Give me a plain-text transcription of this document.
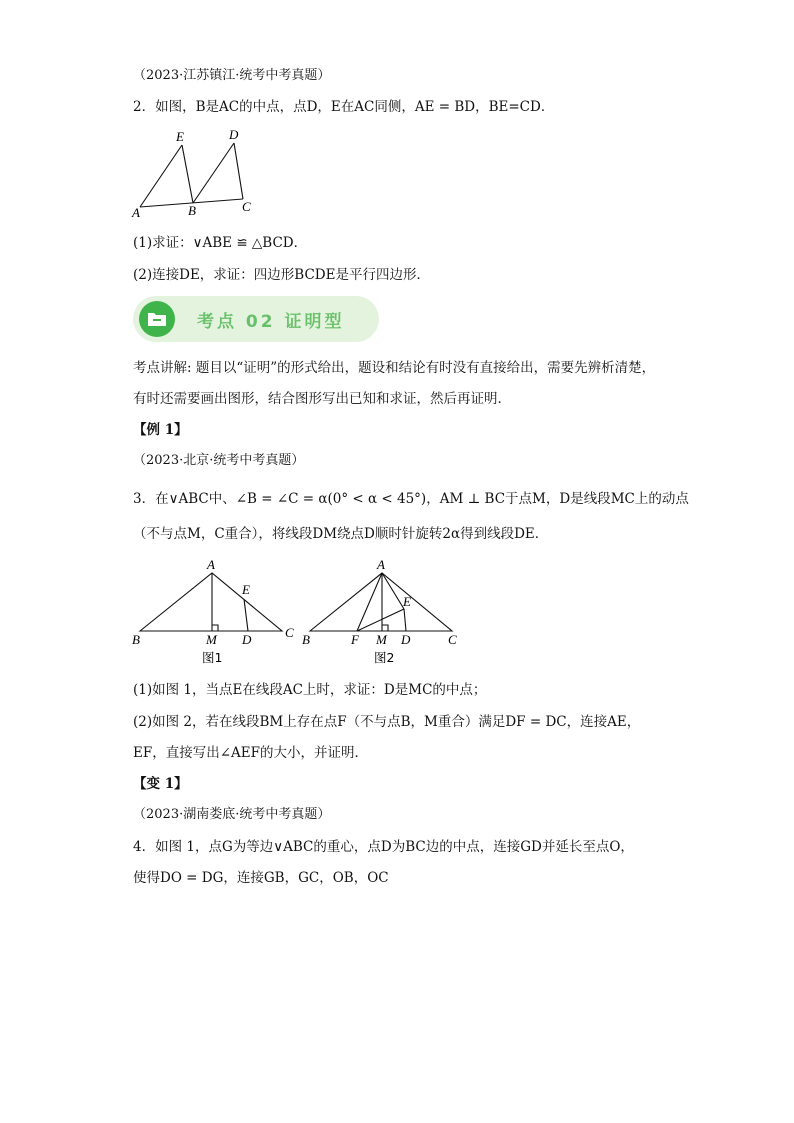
（2023·江苏镇江·统考中考真题）
2．如图，B是AC的中点，点D，E在AC同侧，AE = BD，BE=CD．
E	D
A	B	C
(1)求证：∨ABE ≌ △BCD．
(2)连接DE，求证：四边形BCDE是平行四边形．
考点 02 证明型
考点讲解: 题目以“证明”的形式给出，题设和结论有时没有直接给出，需要先辨析清楚，
有时还需要画出图形，结合图形写出已知和求证，然后再证明．
【例 1】
（2023·北京·统考中考真题）
3．在∨ABC中、∠B = ∠C = α(0° < α < 45°)，AM ⊥ BC于点M，D是线段MC上的动点
（不与点M，C重合），将线段DM绕点D顺时针旋转2α得到线段DE．
A
E
B	M D	C
图1
A
E
B	F M D	C
图2
(1)如图 1，当点E在线段AC上时，求证：D是MC的中点；
(2)如图 2，若在线段BM上存在点F（不与点B，M重合）满足DF = DC，连接AE，
EF，直接写出∠AEF的大小，并证明．
【变 1】
（2023·湖南娄底·统考中考真题）
4．如图 1，点G为等边∨ABC的重心，点D为BC边的中点，连接GD并延长至点O，
使得DO = DG，连接GB，GC，OB，OC
